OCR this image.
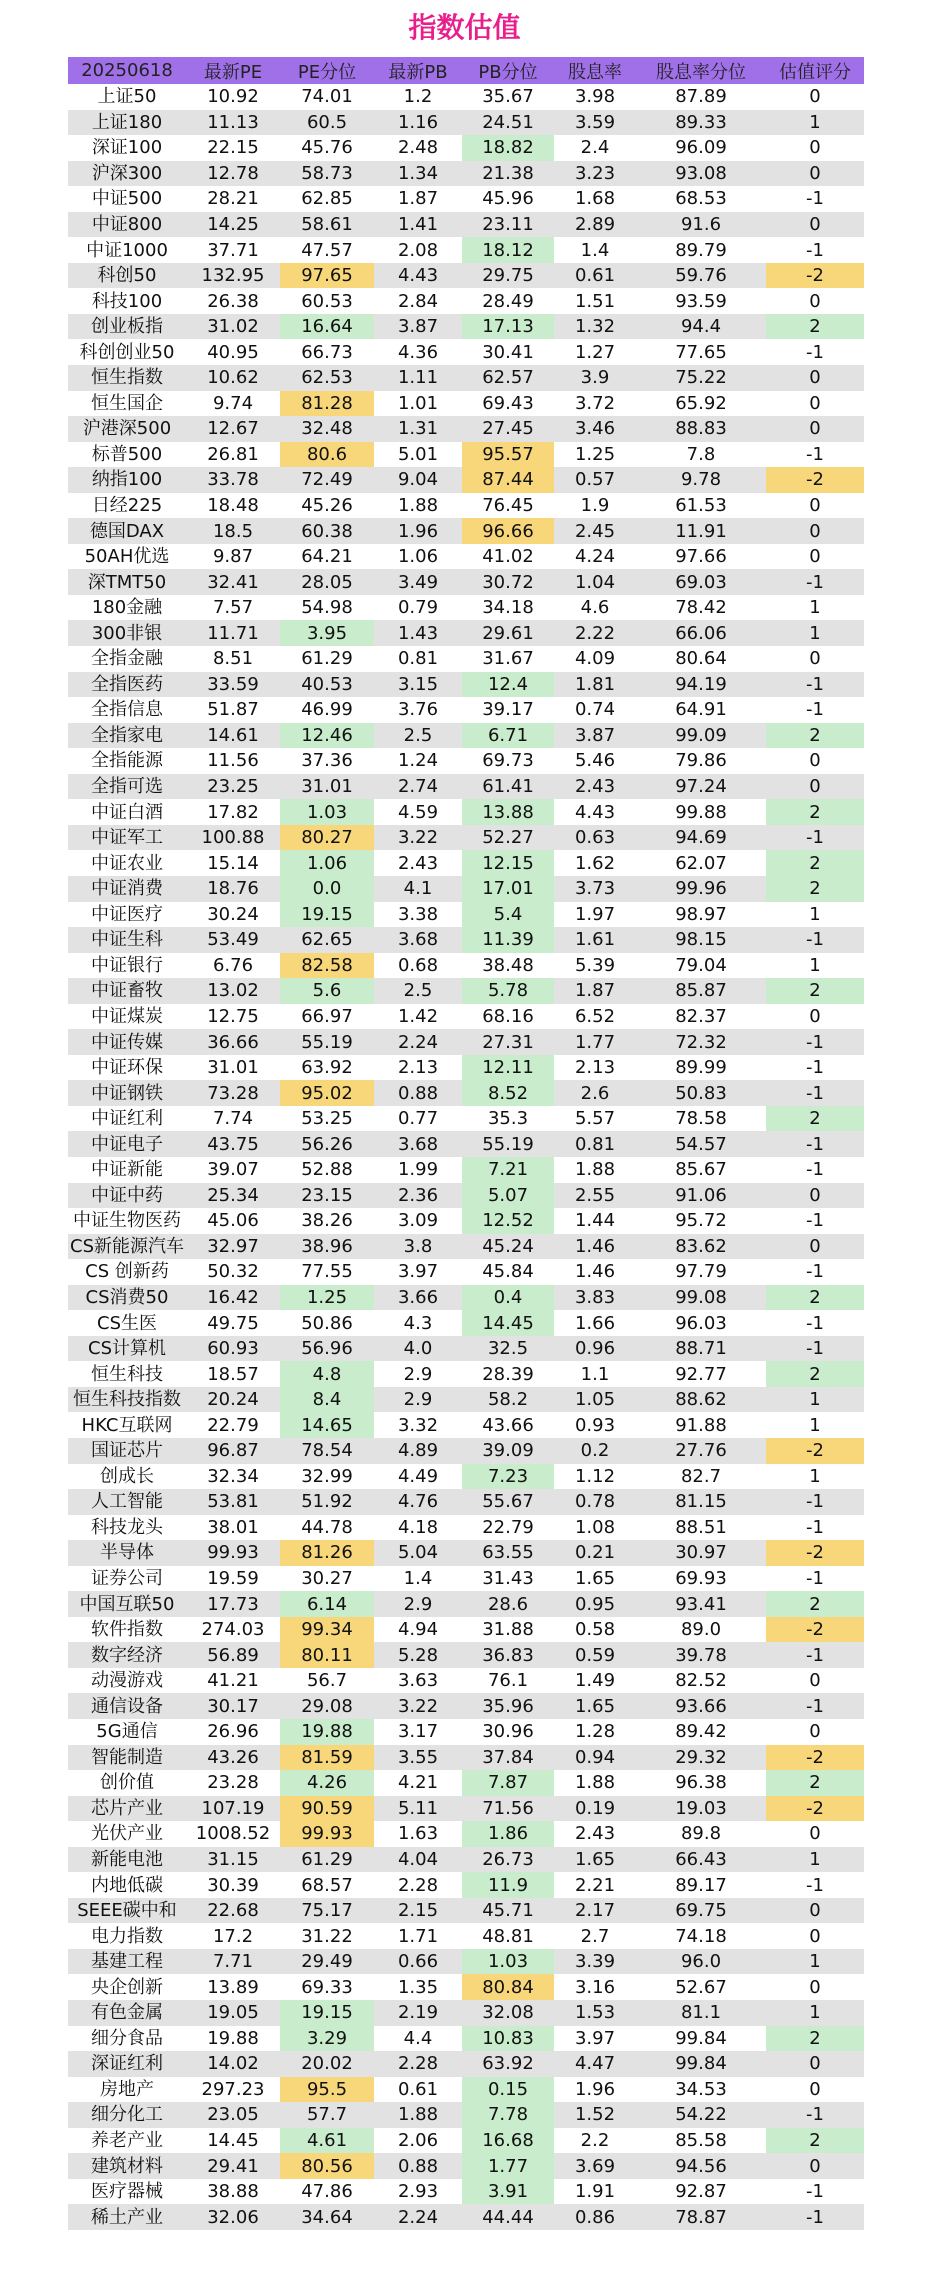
指数估值
20250618	最新PE	PE分位	最新PB	PB分位	股息率	股息率分位	估值评分
上证50	10.92	74.01	1.2	35.67	3.98	87.89	0
上证180	11.13	60.5	1.16	24.51	3.59	89.33	1
深证100	22.15	45.76	2.48	18.82	2.4	96.09	0
沪深300	12.78	58.73	1.34	21.38	3.23	93.08	0
中证500	28.21	62.85	1.87	45.96	1.68	68.53	-1
中证800	14.25	58.61	1.41	23.11	2.89	91.6	0
中证1000	37.71	47.57	2.08	18.12	1.4	89.79	-1
科创50	132.95	97.65	4.43	29.75	0.61	59.76	-2
科技100	26.38	60.53	2.84	28.49	1.51	93.59	0
创业板指	31.02	16.64	3.87	17.13	1.32	94.4	2
科创创业50	40.95	66.73	4.36	30.41	1.27	77.65	-1
恒生指数	10.62	62.53	1.11	62.57	3.9	75.22	0
恒生国企	9.74	81.28	1.01	69.43	3.72	65.92	0
沪港深500	12.67	32.48	1.31	27.45	3.46	88.83	0
标普500	26.81	80.6	5.01	95.57	1.25	7.8	-1
纳指100	33.78	72.49	9.04	87.44	0.57	9.78	-2
日经225	18.48	45.26	1.88	76.45	1.9	61.53	0
德国DAX	18.5	60.38	1.96	96.66	2.45	11.91	0
50AH优选	9.87	64.21	1.06	41.02	4.24	97.66	0
深TMT50	32.41	28.05	3.49	30.72	1.04	69.03	-1
180金融	7.57	54.98	0.79	34.18	4.6	78.42	1
300非银	11.71	3.95	1.43	29.61	2.22	66.06	1
全指金融	8.51	61.29	0.81	31.67	4.09	80.64	0
全指医药	33.59	40.53	3.15	12.4	1.81	94.19	-1
全指信息	51.87	46.99	3.76	39.17	0.74	64.91	-1
全指家电	14.61	12.46	2.5	6.71	3.87	99.09	2
全指能源	11.56	37.36	1.24	69.73	5.46	79.86	0
全指可选	23.25	31.01	2.74	61.41	2.43	97.24	0
中证白酒	17.82	1.03	4.59	13.88	4.43	99.88	2
中证军工	100.88	80.27	3.22	52.27	0.63	94.69	-1
中证农业	15.14	1.06	2.43	12.15	1.62	62.07	2
中证消费	18.76	0.0	4.1	17.01	3.73	99.96	2
中证医疗	30.24	19.15	3.38	5.4	1.97	98.97	1
中证生科	53.49	62.65	3.68	11.39	1.61	98.15	-1
中证银行	6.76	82.58	0.68	38.48	5.39	79.04	1
中证畜牧	13.02	5.6	2.5	5.78	1.87	85.87	2
中证煤炭	12.75	66.97	1.42	68.16	6.52	82.37	0
中证传媒	36.66	55.19	2.24	27.31	1.77	72.32	-1
中证环保	31.01	63.92	2.13	12.11	2.13	89.99	-1
中证钢铁	73.28	95.02	0.88	8.52	2.6	50.83	-1
中证红利	7.74	53.25	0.77	35.3	5.57	78.58	2
中证电子	43.75	56.26	3.68	55.19	0.81	54.57	-1
中证新能	39.07	52.88	1.99	7.21	1.88	85.67	-1
中证中药	25.34	23.15	2.36	5.07	2.55	91.06	0
中证生物医药	45.06	38.26	3.09	12.52	1.44	95.72	-1
CS新能源汽车	32.97	38.96	3.8	45.24	1.46	83.62	0
CS 创新药	50.32	77.55	3.97	45.84	1.46	97.79	-1
CS消费50	16.42	1.25	3.66	0.4	3.83	99.08	2
CS生医	49.75	50.86	4.3	14.45	1.66	96.03	-1
CS计算机	60.93	56.96	4.0	32.5	0.96	88.71	-1
恒生科技	18.57	4.8	2.9	28.39	1.1	92.77	2
恒生科技指数	20.24	8.4	2.9	58.2	1.05	88.62	1
HKC互联网	22.79	14.65	3.32	43.66	0.93	91.88	1
国证芯片	96.87	78.54	4.89	39.09	0.2	27.76	-2
创成长	32.34	32.99	4.49	7.23	1.12	82.7	1
人工智能	53.81	51.92	4.76	55.67	0.78	81.15	-1
科技龙头	38.01	44.78	4.18	22.79	1.08	88.51	-1
半导体	99.93	81.26	5.04	63.55	0.21	30.97	-2
证券公司	19.59	30.27	1.4	31.43	1.65	69.93	-1
中国互联50	17.73	6.14	2.9	28.6	0.95	93.41	2
软件指数	274.03	99.34	4.94	31.88	0.58	89.0	-2
数字经济	56.89	80.11	5.28	36.83	0.59	39.78	-1
动漫游戏	41.21	56.7	3.63	76.1	1.49	82.52	0
通信设备	30.17	29.08	3.22	35.96	1.65	93.66	-1
5G通信	26.96	19.88	3.17	30.96	1.28	89.42	0
智能制造	43.26	81.59	3.55	37.84	0.94	29.32	-2
创价值	23.28	4.26	4.21	7.87	1.88	96.38	2
芯片产业	107.19	90.59	5.11	71.56	0.19	19.03	-2
光伏产业	1008.52	99.93	1.63	1.86	2.43	89.8	0
新能电池	31.15	61.29	4.04	26.73	1.65	66.43	1
内地低碳	30.39	68.57	2.28	11.9	2.21	89.17	-1
SEEE碳中和	22.68	75.17	2.15	45.71	2.17	69.75	0
电力指数	17.2	31.22	1.71	48.81	2.7	74.18	0
基建工程	7.71	29.49	0.66	1.03	3.39	96.0	1
央企创新	13.89	69.33	1.35	80.84	3.16	52.67	0
有色金属	19.05	19.15	2.19	32.08	1.53	81.1	1
细分食品	19.88	3.29	4.4	10.83	3.97	99.84	2
深证红利	14.02	20.02	2.28	63.92	4.47	99.84	0
房地产	297.23	95.5	0.61	0.15	1.96	34.53	0
细分化工	23.05	57.7	1.88	7.78	1.52	54.22	-1
养老产业	14.45	4.61	2.06	16.68	2.2	85.58	2
建筑材料	29.41	80.56	0.88	1.77	3.69	94.56	0
医疗器械	38.88	47.86	2.93	3.91	1.91	92.87	-1
稀土产业	32.06	34.64	2.24	44.44	0.86	78.87	-1
